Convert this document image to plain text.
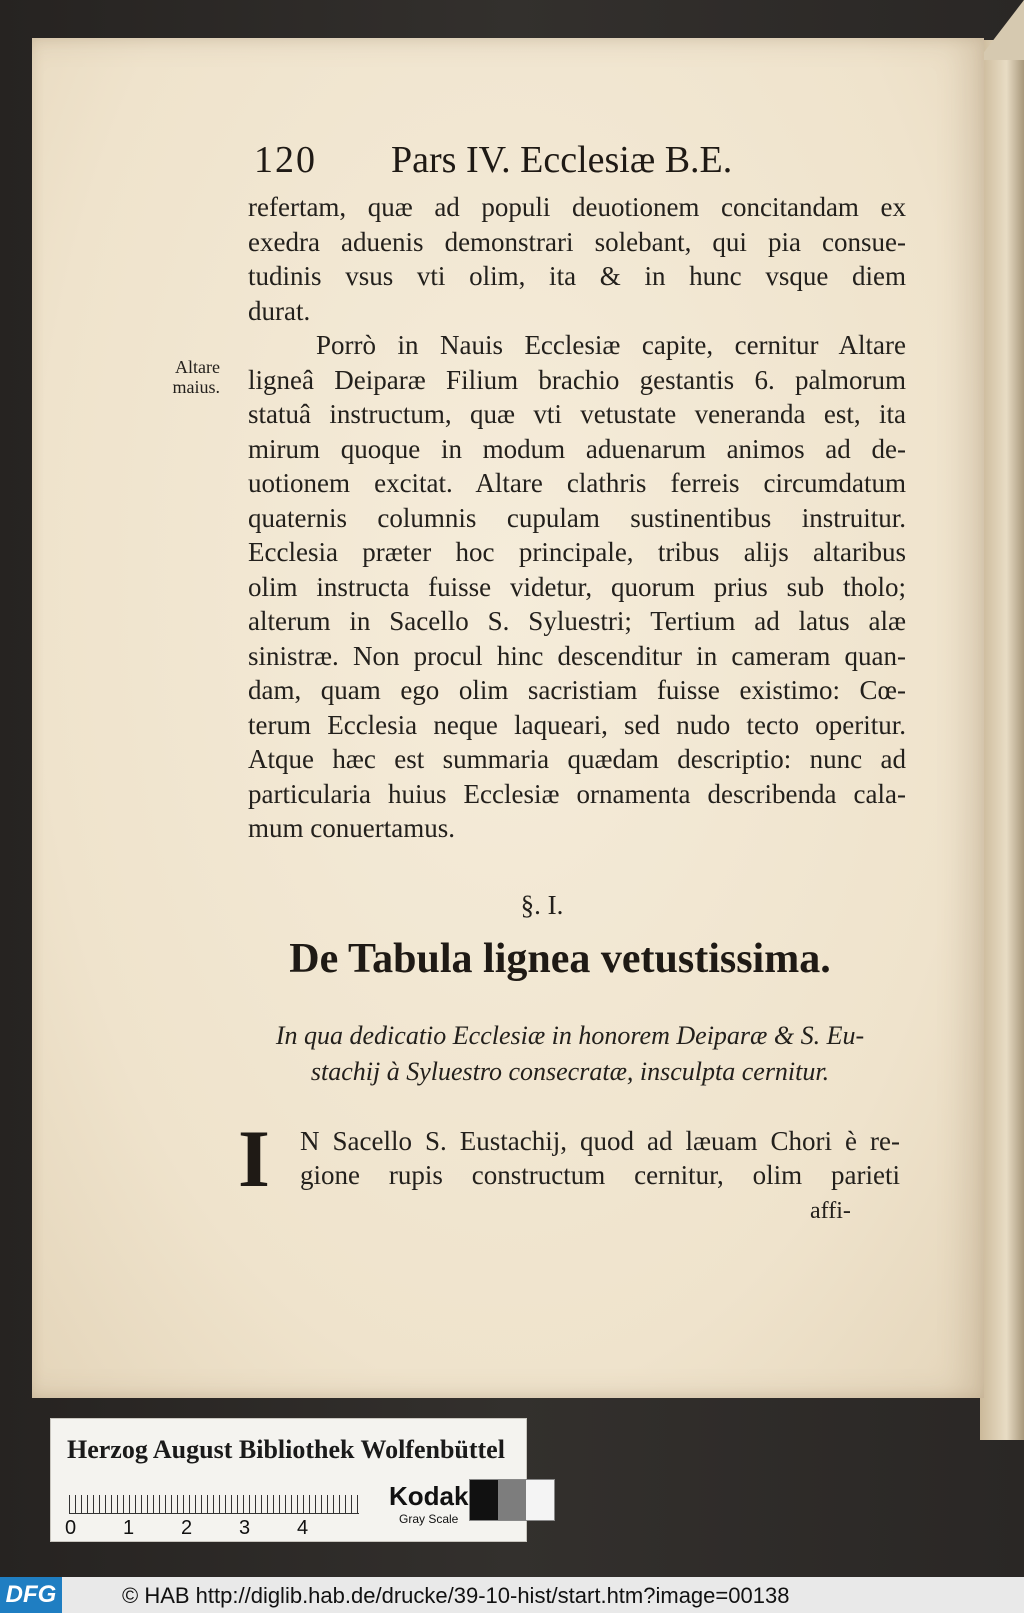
120 Pars IV. Ecclesiæ B.E.
Altare
maius.
refertam, quæ ad populi deuotionem concitandam ex
exedra aduenis demonstrari solebant, qui pia consue-
tudinis vsus vti olim, ita & in hunc vsque diem
durat.
Porrò in Nauis Ecclesiæ capite, cernitur Altare
ligneâ Deiparæ Filium brachio gestantis 6. palmorum
statuâ instructum, quæ vti vetustate veneranda est, ita
mirum quoque in modum aduenarum animos ad de-
uotionem excitat. Altare clathris ferreis circumdatum
quaternis columnis cupulam sustinentibus instruitur.
Ecclesia præter hoc principale, tribus alijs altaribus
olim instructa fuisse videtur, quorum prius sub tholo;
alterum in Sacello S. Syluestri; Tertium ad latus alæ
sinistræ. Non procul hinc descenditur in cameram quan-
dam, quam ego olim sacristiam fuisse existimo: Cœ-
terum Ecclesia neque laqueari, sed nudo tecto operitur.
Atque hæc est summaria quædam descriptio: nunc ad
particularia huius Ecclesiæ ornamenta describenda cala-
mum conuertamus.
§. I.
De Tabula lignea vetustissima.
In qua dedicatio Ecclesiæ in honorem Deiparæ & S. Eu-
stachij à Syluestro consecratæ, insculpta cernitur.
I N Sacello S. Eustachij, quod ad læuam Chori è re-
gione rupis constructum cernitur, olim parieti
affi-
Herzog August Bibliothek Wolfenbüttel
0 1 2 3 4
Kodak
Gray Scale
DFG	© HAB http://diglib.hab.de/drucke/39-10-hist/start.htm?image=00138
